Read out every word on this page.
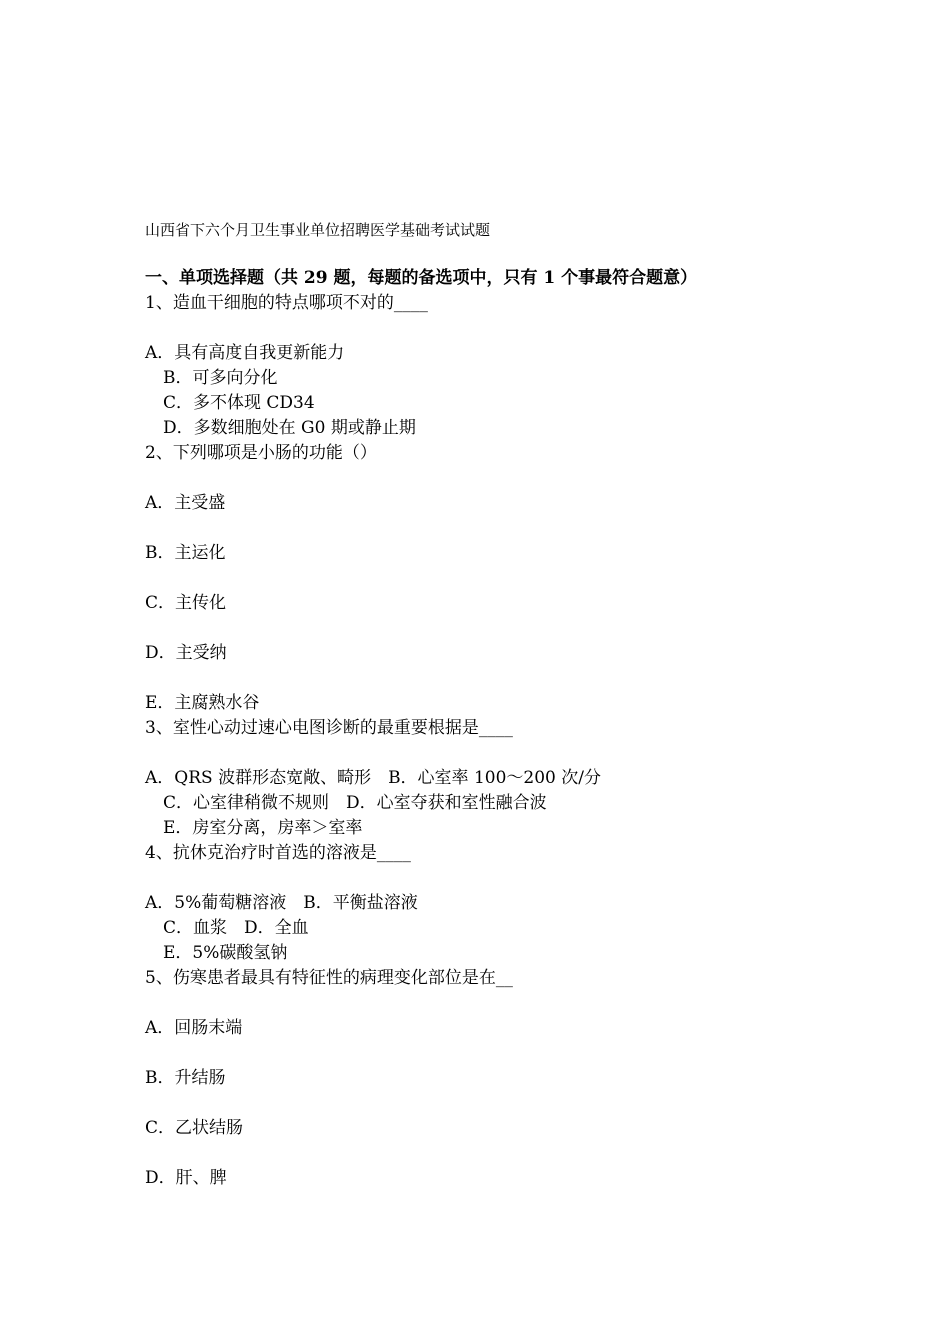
山西省下六个月卫生事业单位招聘医学基础考试试题
一、单项选择题（共 29 题，每题的备选项中，只有 1 个事最符合题意）
1、造血干细胞的特点哪项不对的____
A．具有高度自我更新能力
B．可多向分化
C．多不体现 CD34
D．多数细胞处在 G0 期或静止期
2、下列哪项是小肠的功能（）
A．主受盛
B．主运化
C．主传化
D．主受纳
E．主腐熟水谷
3、室性心动过速心电图诊断的最重要根据是____
A．QRS 波群形态宽敞、畸形　B．心室率 100～200 次/分
C．心室律稍微不规则　D．心室夺获和室性融合波
E．房室分离，房率＞室率
4、抗休克治疗时首选的溶液是____
A．5%葡萄糖溶液　B．平衡盐溶液
C．血浆　D．全血
E．5%碳酸氢钠
5、伤寒患者最具有特征性的病理变化部位是在__
A．回肠末端
B．升结肠
C．乙状结肠
D．肝、脾
